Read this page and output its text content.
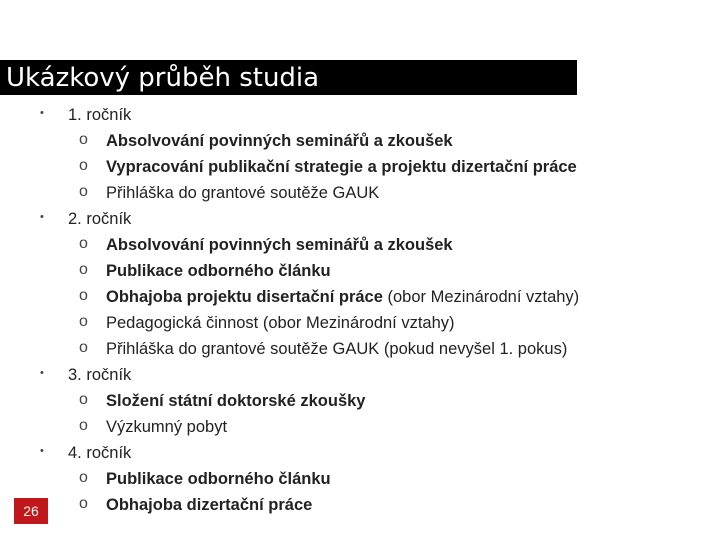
Ukázkový průběh studia
• 1. ročník
o Absolvování povinných seminářů a zkoušek
o Vypracování publikační strategie a projektu dizertační práce
o Přihláška do grantové soutěže GAUK
• 2. ročník
o Absolvování povinných seminářů a zkoušek
o Publikace odborného článku
o Obhajoba projektu disertační práce (obor Mezinárodní vztahy)
o Pedagogická činnost (obor Mezinárodní vztahy)
o Přihláška do grantové soutěže GAUK (pokud nevyšel 1. pokus)
• 3. ročník
o Složení státní doktorské zkoušky
o Výzkumný pobyt
• 4. ročník
o Publikace odborného článku
o Obhajoba dizertační práce
26
